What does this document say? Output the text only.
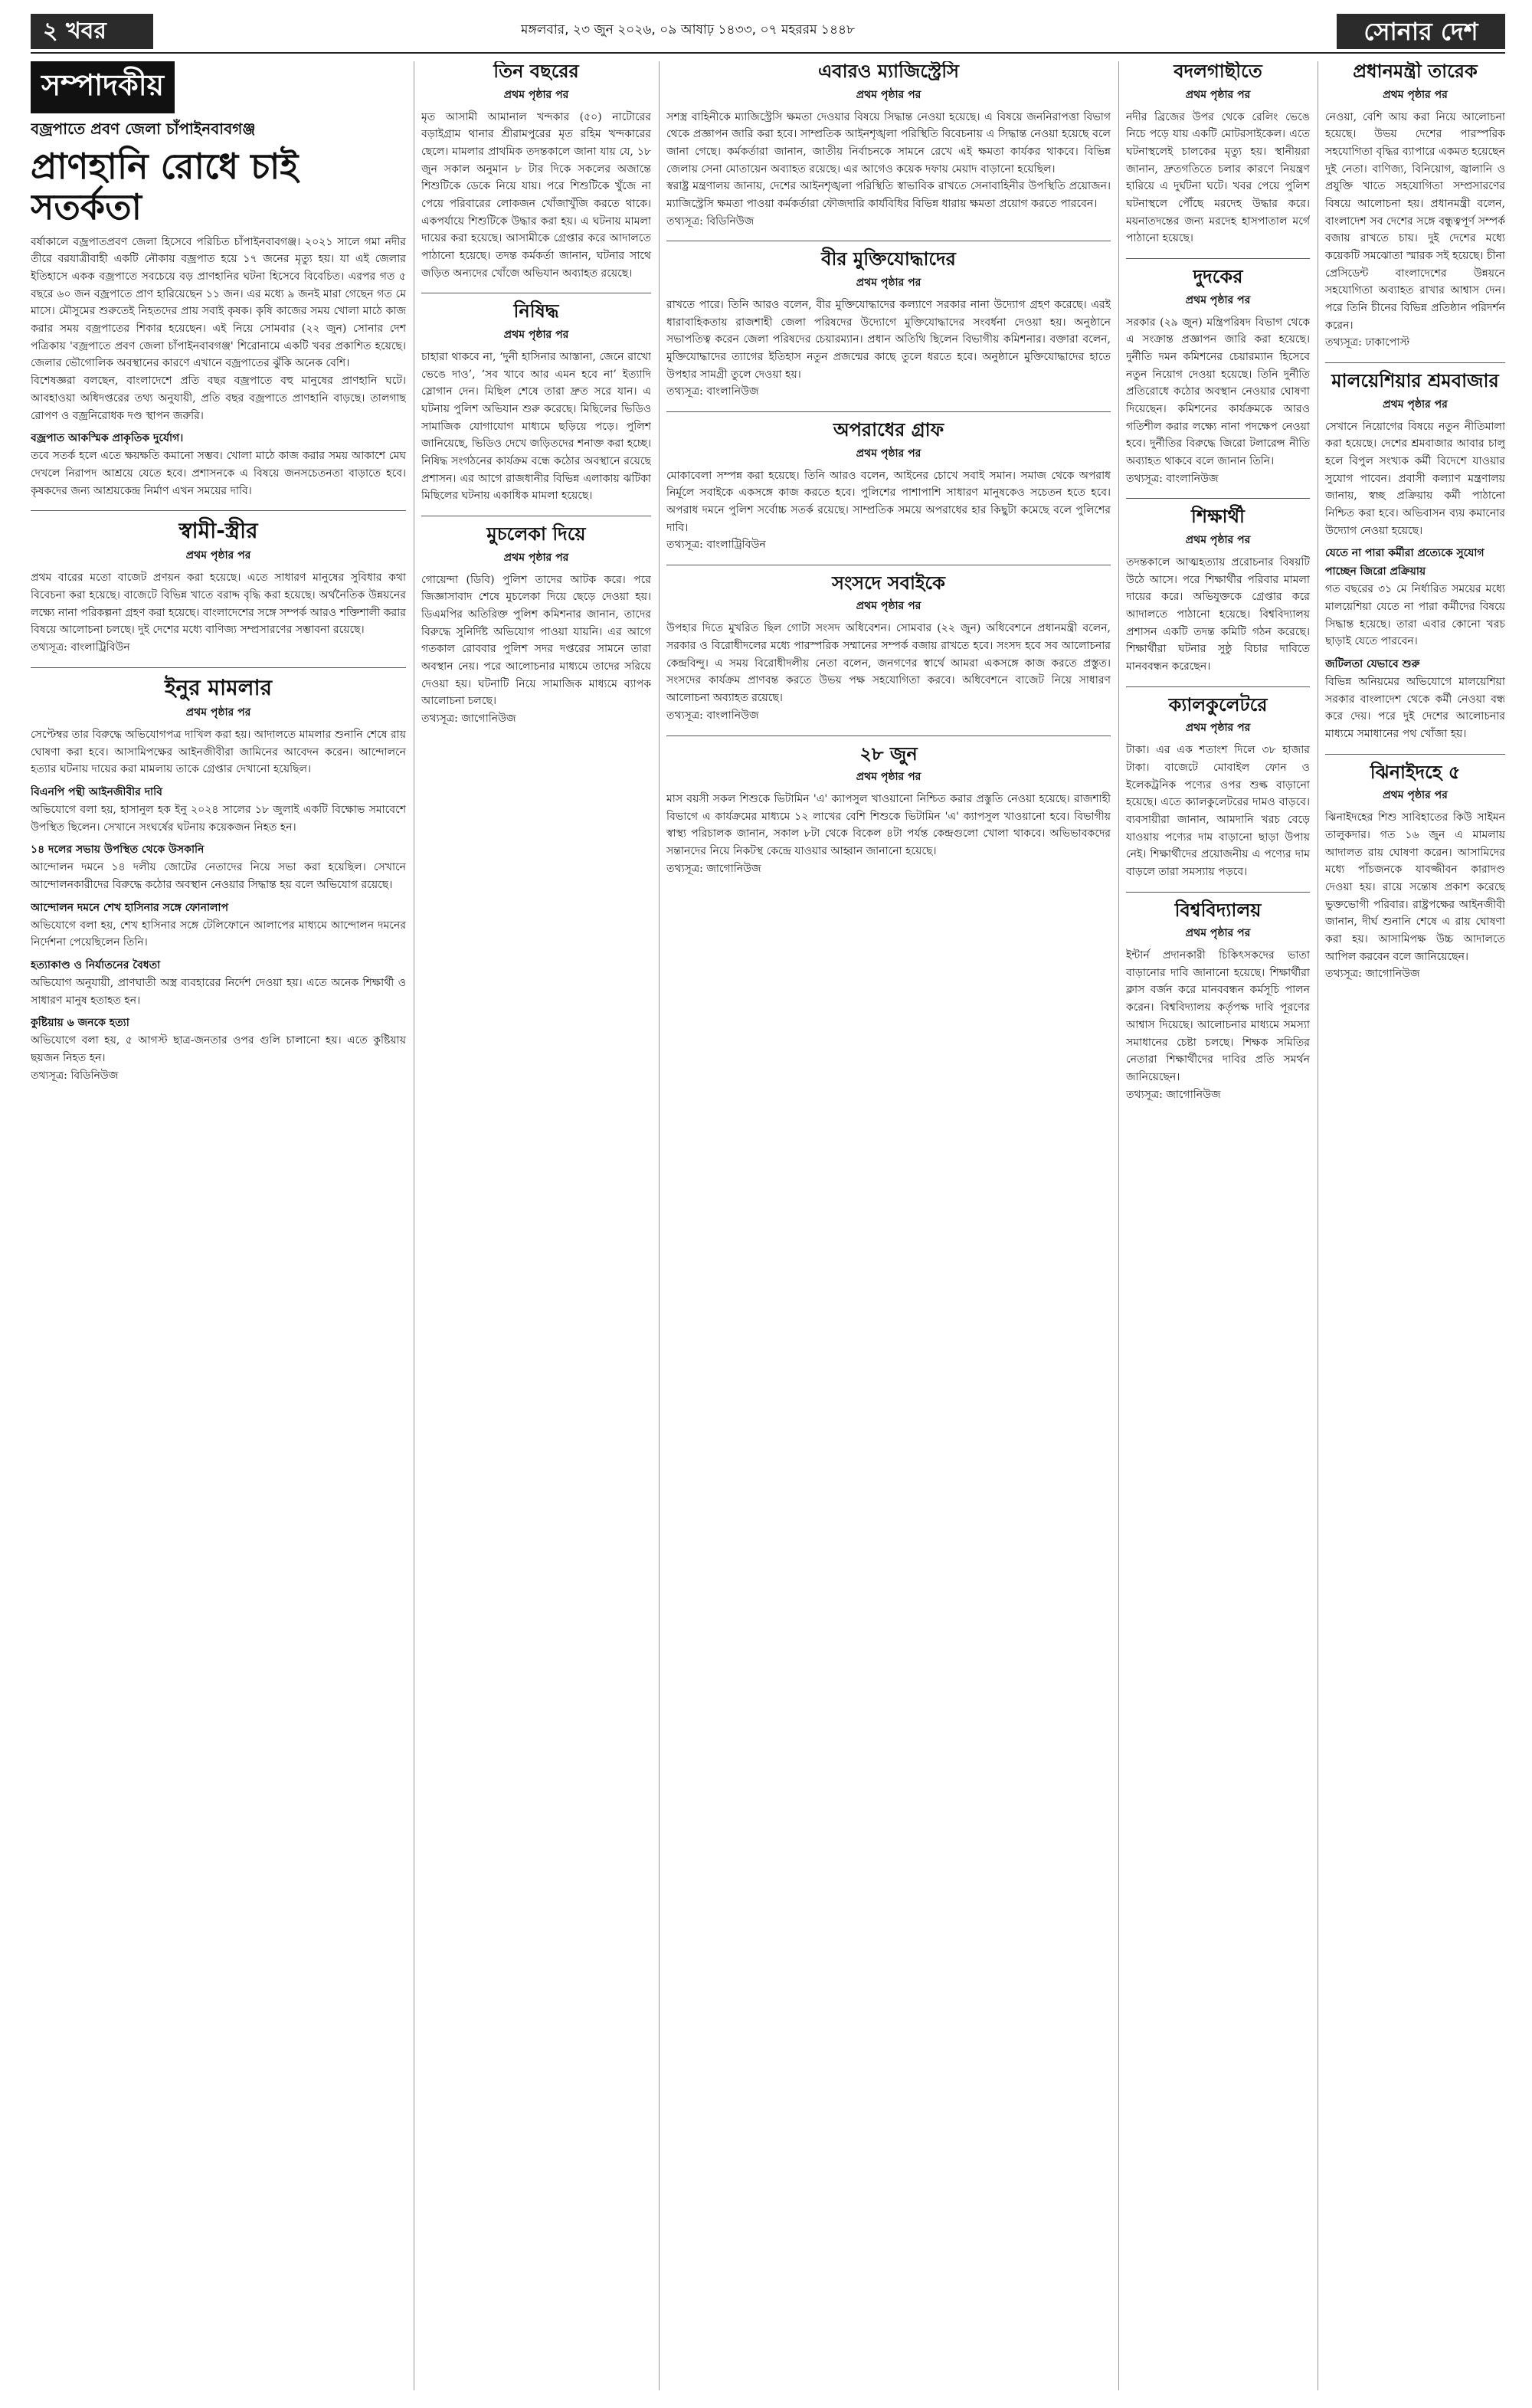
২ খবর	মঙ্গলবার, ২৩ জুন ২০২৬, ০৯ আষাঢ় ১৪৩৩, ০৭ মহররম ১৪৪৮	সোনার দেশ
সম্পাদকীয়
বজ্রপাতে প্রবণ জেলা চাঁপাইনবাবগঞ্জ
প্রাণহানি রোধে চাই সতর্কতা

বর্ষাকালে বজ্রপাতপ্রবণ জেলা হিসেবে পরিচিত চাঁপাইনবাবগঞ্জ। ২০২১ সালে গমা নদীর তীরে বরযাত্রীবাহী একটি নৌকায় বজ্রপাত হয়ে ১৭ জনের মৃত্যু হয়। যা এই জেলার ইতিহাসে একক বজ্রপাতে সবচেয়ে বড় প্রাণহানির ঘটনা হিসেবে বিবেচিত। এরপর গত ৫ বছরে ৬০ জন বজ্রপাতে প্রাণ হারিয়েছেন ১১ জন। এর মধ্যে ৯ জনই মারা গেছেন গত মে মাসে। মৌসুমের শুরুতেই নিহতদের প্রায় সবাই কৃষক। কৃষি কাজের সময় খোলা মাঠে কাজ করার সময় বজ্রপাতের শিকার হয়েছেন। এই নিয়ে সোমবার (২২ জুন) সোনার দেশ পত্রিকায় 'বজ্রপাতে প্রবণ জেলা চাঁপাইনবাবগঞ্জ' শিরোনামে একটি খবর প্রকাশিত হয়েছে। জেলার ভৌগোলিক অবস্থানের কারণে এখানে বজ্রপাতের ঝুঁকি অনেক বেশি।

বিশেষজ্ঞরা বলছেন, বাংলাদেশে প্রতি বছর বজ্রপাতে বহু মানুষের প্রাণহানি ঘটে। আবহাওয়া অধিদপ্তরের তথ্য অনুযায়ী, প্রতি বছর বজ্রপাতে প্রাণহানি বাড়ছে। তালগাছ রোপণ ও বজ্রনিরোধক দণ্ড স্থাপন জরুরি।

বজ্রপাত আকস্মিক প্রাকৃতিক দুর্যোগ।

তবে সতর্ক হলে এতে ক্ষয়ক্ষতি কমানো সম্ভব। খোলা মাঠে কাজ করার সময় আকাশে মেঘ দেখলে নিরাপদ আশ্রয়ে যেতে হবে। প্রশাসনকে এ বিষয়ে জনসচেতনতা বাড়াতে হবে। কৃষকদের জন্য আশ্রয়কেন্দ্র নির্মাণ এখন সময়ের দাবি।

স্বামী-স্ত্রীর
প্রথম পৃষ্ঠার পর

প্রথম বারের মতো বাজেট প্রণয়ন করা হয়েছে। এতে সাধারণ মানুষের সুবিধার কথা বিবেচনা করা হয়েছে। বাজেটে বিভিন্ন খাতে বরাদ্দ বৃদ্ধি করা হয়েছে। অর্থনৈতিক উন্নয়নের লক্ষ্যে নানা পরিকল্পনা গ্রহণ করা হয়েছে। বাংলাদেশের সঙ্গে সম্পর্ক আরও শক্তিশালী করার বিষয়ে আলোচনা চলছে। দুই দেশের মধ্যে বাণিজ্য সম্প্রসারণের সম্ভাবনা রয়েছে।

তথ্যসূত্র: বাংলাট্রিবিউন

ইনুর মামলার
প্রথম পৃষ্ঠার পর

সেপ্টেম্বর তার বিরুদ্ধে অভিযোগপত্র দাখিল করা হয়। আদালতে মামলার শুনানি শেষে রায় ঘোষণা করা হবে। আসামিপক্ষের আইনজীবীরা জামিনের আবেদন করেন। আন্দোলনে হত্যার ঘটনায় দায়ের করা মামলায় তাকে গ্রেপ্তার দেখানো হয়েছিল।

বিএনপি পন্থী আইনজীবীর দাবি

অভিযোগে বলা হয়, হাসানুল হক ইনু ২০২৪ সালের ১৮ জুলাই একটি বিক্ষোভ সমাবেশে উপস্থিত ছিলেন। সেখানে সংঘর্ষের ঘটনায় কয়েকজন নিহত হন।

১৪ দলের সভায় উপস্থিত থেকে উসকানি

আন্দোলন দমনে ১৪ দলীয় জোটের নেতাদের নিয়ে সভা করা হয়েছিল। সেখানে আন্দোলনকারীদের বিরুদ্ধে কঠোর অবস্থান নেওয়ার সিদ্ধান্ত হয় বলে অভিযোগ রয়েছে।

আন্দোলন দমনে শেখ হাসিনার সঙ্গে ফোনালাপ

অভিযোগে বলা হয়, শেখ হাসিনার সঙ্গে টেলিফোনে আলাপের মাধ্যমে আন্দোলন দমনের নির্দেশনা পেয়েছিলেন তিনি।

হত্যাকাণ্ড ও নির্যাতনের বৈধতা

অভিযোগ অনুযায়ী, প্রাণঘাতী অস্ত্র ব্যবহারের নির্দেশ দেওয়া হয়। এতে অনেক শিক্ষার্থী ও সাধারণ মানুষ হতাহত হন।

কুষ্টিয়ায় ৬ জনকে হত্যা

অভিযোগে বলা হয়, ৫ আগস্ট ছাত্র-জনতার ওপর গুলি চালানো হয়। এতে কুষ্টিয়ায় ছয়জন নিহত হন।

তথ্যসূত্র: বিডিনিউজ

তিন বছরের
প্রথম পৃষ্ঠার পর

মৃত আসামী আমানাল খন্দকার (৫০) নাটোরের বড়াইগ্রাম থানার শ্রীরামপুরের মৃত রহিম খন্দকারের ছেলে। মামলার প্রাথমিক তদন্তকালে জানা যায় যে, ১৮ জুন সকাল অনুমান ৮ টার দিকে সকলের অজান্তে শিশুটিকে ডেকে নিয়ে যায়। পরে শিশুটিকে খুঁজে না পেয়ে পরিবারের লোকজন খোঁজাখুঁজি করতে থাকে। একপর্যায়ে শিশুটিকে উদ্ধার করা হয়। এ ঘটনায় মামলা দায়ের করা হয়েছে। আসামীকে গ্রেপ্তার করে আদালতে পাঠানো হয়েছে। তদন্ত কর্মকর্তা জানান, ঘটনার সাথে জড়িত অন্যদের খোঁজে অভিযান অব্যাহত রয়েছে।

নিষিদ্ধ
প্রথম পৃষ্ঠার পর

চাহারা থাকবে না, ‘দুনী হাসিনার আস্তানা, জেনে রাখো ভেঙে দাও’, ‘সব খাবে আর এমন হবে না’ ইত্যাদি স্লোগান দেন। মিছিল শেষে তারা দ্রুত সরে যান। এ ঘটনায় পুলিশ অভিযান শুরু করেছে। মিছিলের ভিডিও সামাজিক যোগাযোগ মাধ্যমে ছড়িয়ে পড়ে। পুলিশ জানিয়েছে, ভিডিও দেখে জড়িতদের শনাক্ত করা হচ্ছে। নিষিদ্ধ সংগঠনের কার্যক্রম বন্ধে কঠোর অবস্থানে রয়েছে প্রশাসন। এর আগে রাজধানীর বিভিন্ন এলাকায় ঝটিকা মিছিলের ঘটনায় একাধিক মামলা হয়েছে।

মুচলেকা দিয়ে
প্রথম পৃষ্ঠার পর

গোয়েন্দা (ডিবি) পুলিশ তাদের আটক করে। পরে জিজ্ঞাসাবাদ শেষে মুচলেকা দিয়ে ছেড়ে দেওয়া হয়। ডিএমপির অতিরিক্ত পুলিশ কমিশনার জানান, তাদের বিরুদ্ধে সুনির্দিষ্ট অভিযোগ পাওয়া যায়নি। এর আগে গতকাল রোববার পুলিশ সদর দপ্তরের সামনে তারা অবস্থান নেয়। পরে আলোচনার মাধ্যমে তাদের সরিয়ে দেওয়া হয়। ঘটনাটি নিয়ে সামাজিক মাধ্যমে ব্যাপক আলোচনা চলছে।

তথ্যসূত্র: জাগোনিউজ

এবারও ম্যাজিস্ট্রেসি
প্রথম পৃষ্ঠার পর

সশস্ত্র বাহিনীকে ম্যাজিস্ট্রেসি ক্ষমতা দেওয়ার বিষয়ে সিদ্ধান্ত নেওয়া হয়েছে। এ বিষয়ে জননিরাপত্তা বিভাগ থেকে প্রজ্ঞাপন জারি করা হবে। সাম্প্রতিক আইনশৃঙ্খলা পরিস্থিতি বিবেচনায় এ সিদ্ধান্ত নেওয়া হয়েছে বলে জানা গেছে। কর্মকর্তারা জানান, জাতীয় নির্বাচনকে সামনে রেখে এই ক্ষমতা কার্যকর থাকবে। বিভিন্ন জেলায় সেনা মোতায়েন অব্যাহত রয়েছে। এর আগেও কয়েক দফায় মেয়াদ বাড়ানো হয়েছিল।

স্বরাষ্ট্র মন্ত্রণালয় জানায়, দেশের আইনশৃঙ্খলা পরিস্থিতি স্বাভাবিক রাখতে সেনাবাহিনীর উপস্থিতি প্রয়োজন। ম্যাজিস্ট্রেসি ক্ষমতা পাওয়া কর্মকর্তারা ফৌজদারি কার্যবিধির বিভিন্ন ধারায় ক্ষমতা প্রয়োগ করতে পারবেন।

তথ্যসূত্র: বিডিনিউজ

বীর মুক্তিযোদ্ধাদের
প্রথম পৃষ্ঠার পর

রাখতে পারে। তিনি আরও বলেন, বীর মুক্তিযোদ্ধাদের কল্যাণে সরকার নানা উদ্যোগ গ্রহণ করেছে। এরই ধারাবাহিকতায় রাজশাহী জেলা পরিষদের উদ্যোগে মুক্তিযোদ্ধাদের সংবর্ধনা দেওয়া হয়। অনুষ্ঠানে সভাপতিত্ব করেন জেলা পরিষদের চেয়ারম্যান। প্রধান অতিথি ছিলেন বিভাগীয় কমিশনার। বক্তারা বলেন, মুক্তিযোদ্ধাদের ত্যাগের ইতিহাস নতুন প্রজন্মের কাছে তুলে ধরতে হবে। অনুষ্ঠানে মুক্তিযোদ্ধাদের হাতে উপহার সামগ্রী তুলে দেওয়া হয়।

তথ্যসূত্র: বাংলানিউজ

অপরাধের গ্রাফ
প্রথম পৃষ্ঠার পর

মোকাবেলা সম্পন্ন করা হয়েছে। তিনি আরও বলেন, আইনের চোখে সবাই সমান। সমাজ থেকে অপরাধ নির্মূলে সবাইকে একসঙ্গে কাজ করতে হবে। পুলিশের পাশাপাশি সাধারণ মানুষকেও সচেতন হতে হবে। অপরাধ দমনে পুলিশ সর্বোচ্চ সতর্ক রয়েছে। সাম্প্রতিক সময়ে অপরাধের হার কিছুটা কমেছে বলে পুলিশের দাবি।

তথ্যসূত্র: বাংলাট্রিবিউন

সংসদে সবাইকে
প্রথম পৃষ্ঠার পর

উপহার দিতে মুখরিত ছিল গোটা সংসদ অধিবেশন। সোমবার (২২ জুন) অধিবেশনে প্রধানমন্ত্রী বলেন, সরকার ও বিরোধীদলের মধ্যে পারস্পরিক সম্মানের সম্পর্ক বজায় রাখতে হবে। সংসদ হবে সব আলোচনার কেন্দ্রবিন্দু। এ সময় বিরোধীদলীয় নেতা বলেন, জনগণের স্বার্থে আমরা একসঙ্গে কাজ করতে প্রস্তুত। সংসদের কার্যক্রম প্রাণবন্ত করতে উভয় পক্ষ সহযোগিতা করবে। অধিবেশনে বাজেট নিয়ে সাধারণ আলোচনা অব্যাহত রয়েছে।

তথ্যসূত্র: বাংলানিউজ

২৮ জুন
প্রথম পৃষ্ঠার পর

মাস বয়সী সকল শিশুকে ভিটামিন 'এ' ক্যাপসুল খাওয়ানো নিশ্চিত করার প্রস্তুতি নেওয়া হয়েছে। রাজশাহী বিভাগে এ কার্যক্রমের মাধ্যমে ১২ লাখের বেশি শিশুকে ভিটামিন 'এ' ক্যাপসুল খাওয়ানো হবে। বিভাগীয় স্বাস্থ্য পরিচালক জানান, সকাল ৮টা থেকে বিকেল ৪টা পর্যন্ত কেন্দ্রগুলো খোলা থাকবে। অভিভাবকদের সন্তানদের নিয়ে নিকটস্থ কেন্দ্রে যাওয়ার আহ্বান জানানো হয়েছে।

তথ্যসূত্র: জাগোনিউজ

বদলগাছীতে
প্রথম পৃষ্ঠার পর

নদীর ব্রিজের উপর থেকে রেলিং ভেঙে নিচে পড়ে যায় একটি মোটরসাইকেল। এতে ঘটনাস্থলেই চালকের মৃত্যু হয়। স্থানীয়রা জানান, দ্রুতগতিতে চলার কারণে নিয়ন্ত্রণ হারিয়ে এ দুর্ঘটনা ঘটে। খবর পেয়ে পুলিশ ঘটনাস্থলে পৌঁছে মরদেহ উদ্ধার করে। ময়নাতদন্তের জন্য মরদেহ হাসপাতাল মর্গে পাঠানো হয়েছে।

দুদকের
প্রথম পৃষ্ঠার পর

সরকার (২৯ জুন) মন্ত্রিপরিষদ বিভাগ থেকে এ সংক্রান্ত প্রজ্ঞাপন জারি করা হয়েছে। দুর্নীতি দমন কমিশনের চেয়ারম্যান হিসেবে নতুন নিয়োগ দেওয়া হয়েছে। তিনি দুর্নীতি প্রতিরোধে কঠোর অবস্থান নেওয়ার ঘোষণা দিয়েছেন। কমিশনের কার্যক্রমকে আরও গতিশীল করার লক্ষ্যে নানা পদক্ষেপ নেওয়া হবে। দুর্নীতির বিরুদ্ধে জিরো টলারেন্স নীতি অব্যাহত থাকবে বলে জানান তিনি।

তথ্যসূত্র: বাংলানিউজ

শিক্ষার্থী
প্রথম পৃষ্ঠার পর

তদন্তকালে আত্মহত্যায় প্ররোচনার বিষয়টি উঠে আসে। পরে শিক্ষার্থীর পরিবার মামলা দায়ের করে। অভিযুক্তকে গ্রেপ্তার করে আদালতে পাঠানো হয়েছে। বিশ্ববিদ্যালয় প্রশাসন একটি তদন্ত কমিটি গঠন করেছে। শিক্ষার্থীরা ঘটনার সুষ্ঠু বিচার দাবিতে মানববন্ধন করেছেন।

ক্যালকুলেটরে
প্রথম পৃষ্ঠার পর

টাকা। এর এক শতাংশ দিলে ৩৮ হাজার টাকা। বাজেটে মোবাইল ফোন ও ইলেকট্রনিক পণ্যের ওপর শুল্ক বাড়ানো হয়েছে। এতে ক্যালকুলেটরের দামও বাড়বে। ব্যবসায়ীরা জানান, আমদানি খরচ বেড়ে যাওয়ায় পণ্যের দাম বাড়ানো ছাড়া উপায় নেই। শিক্ষার্থীদের প্রয়োজনীয় এ পণ্যের দাম বাড়লে তারা সমস্যায় পড়বে।

বিশ্ববিদ্যালয়
প্রথম পৃষ্ঠার পর

ইন্টার্ন প্রদানকারী চিকিৎসকদের ভাতা বাড়ানোর দাবি জানানো হয়েছে। শিক্ষার্থীরা ক্লাস বর্জন করে মানববন্ধন কর্মসূচি পালন করেন। বিশ্ববিদ্যালয় কর্তৃপক্ষ দাবি পূরণের আশ্বাস দিয়েছে। আলোচনার মাধ্যমে সমস্যা সমাধানের চেষ্টা চলছে। শিক্ষক সমিতির নেতারা শিক্ষার্থীদের দাবির প্রতি সমর্থন জানিয়েছেন।

তথ্যসূত্র: জাগোনিউজ

প্রধানমন্ত্রী তারেক
প্রথম পৃষ্ঠার পর

নেওয়া, বেশি আয় করা নিয়ে আলোচনা হয়েছে। উভয় দেশের পারস্পরিক সহযোগিতা বৃদ্ধির ব্যাপারে একমত হয়েছেন দুই নেতা। বাণিজ্য, বিনিয়োগ, জ্বালানি ও প্রযুক্তি খাতে সহযোগিতা সম্প্রসারণের বিষয়ে আলোচনা হয়। প্রধানমন্ত্রী বলেন, বাংলাদেশ সব দেশের সঙ্গে বন্ধুত্বপূর্ণ সম্পর্ক বজায় রাখতে চায়। দুই দেশের মধ্যে কয়েকটি সমঝোতা স্মারক সই হয়েছে। চীনা প্রেসিডেন্ট বাংলাদেশের উন্নয়নে সহযোগিতা অব্যাহত রাখার আশ্বাস দেন। পরে তিনি চীনের বিভিন্ন প্রতিষ্ঠান পরিদর্শন করেন।

তথ্যসূত্র: ঢাকাপোস্ট

মালয়েশিয়ার শ্রমবাজার
প্রথম পৃষ্ঠার পর

সেখানে নিয়োগের বিষয়ে নতুন নীতিমালা করা হয়েছে। দেশের শ্রমবাজার আবার চালু হলে বিপুল সংখ্যক কর্মী বিদেশে যাওয়ার সুযোগ পাবেন। প্রবাসী কল্যাণ মন্ত্রণালয় জানায়, স্বচ্ছ প্রক্রিয়ায় কর্মী পাঠানো নিশ্চিত করা হবে। অভিবাসন ব্যয় কমানোর উদ্যোগ নেওয়া হয়েছে।

যেতে না পারা কর্মীরা প্রত্যেকে সুযোগ পাচ্ছেন জিরো প্রক্রিয়ায়

গত বছরের ৩১ মে নির্ধারিত সময়ের মধ্যে মালয়েশিয়া যেতে না পারা কর্মীদের বিষয়ে সিদ্ধান্ত হয়েছে। তারা এবার কোনো খরচ ছাড়াই যেতে পারবেন।

জটিলতা যেভাবে শুরু

বিভিন্ন অনিয়মের অভিযোগে মালয়েশিয়া সরকার বাংলাদেশ থেকে কর্মী নেওয়া বন্ধ করে দেয়। পরে দুই দেশের আলোচনার মাধ্যমে সমাধানের পথ খোঁজা হয়।

ঝিনাইদহে ৫
প্রথম পৃষ্ঠার পর

ঝিনাইদহের শিশু সাবিহাতের কিউ সাইমন তালুকদার। গত ১৬ জুন এ মামলায় আদালত রায় ঘোষণা করেন। আসামিদের মধ্যে পাঁচজনকে যাবজ্জীবন কারাদণ্ড দেওয়া হয়। রায়ে সন্তোষ প্রকাশ করেছে ভুক্তভোগী পরিবার। রাষ্ট্রপক্ষের আইনজীবী জানান, দীর্ঘ শুনানি শেষে এ রায় ঘোষণা করা হয়। আসামিপক্ষ উচ্চ আদালতে আপিল করবেন বলে জানিয়েছেন।

তথ্যসূত্র: জাগোনিউজ
